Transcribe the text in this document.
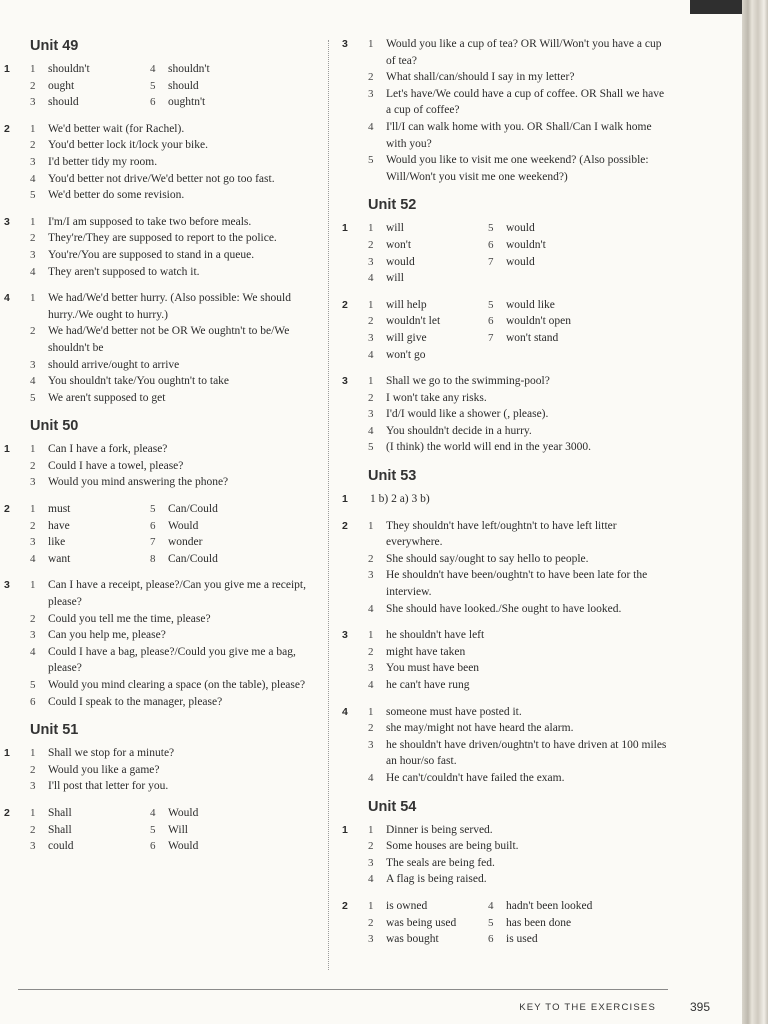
Unit 49
1 1 shouldn't	4 shouldn't
2 ought	5 should
3 should	6 oughtn't
2 1 We'd better wait (for Rachel).
2 You'd better lock it/lock your bike.
3 I'd better tidy my room.
4 You'd better not drive/We'd better not go too fast.
5 We'd better do some revision.
3 1 I'm/I am supposed to take two before meals.
2 They're/They are supposed to report to the police.
3 You're/You are supposed to stand in a queue.
4 They aren't supposed to watch it.
4 1 We had/We'd better hurry. (Also possible: We should hurry./We ought to hurry.)
2 We had/We'd better not be OR We oughtn't to be/We shouldn't be
3 should arrive/ought to arrive
4 You shouldn't take/You oughtn't to take
5 We aren't supposed to get
Unit 50
1 1 Can I have a fork, please?
2 Could I have a towel, please?
3 Would you mind answering the phone?
2 1 must	5 Can/Could
2 have	6 Would
3 like	7 wonder
4 want	8 Can/Could
3 1 Can I have a receipt, please?/Can you give me a receipt, please?
2 Could you tell me the time, please?
3 Can you help me, please?
4 Could I have a bag, please?/Could you give me a bag, please?
5 Would you mind clearing a space (on the table), please?
6 Could I speak to the manager, please?
Unit 51
1 1 Shall we stop for a minute?
2 Would you like a game?
3 I'll post that letter for you.
2 1 Shall	4 Would
2 Shall	5 Will
3 could	6 Would
3 1 Would you like a cup of tea? OR Will/Won't you have a cup of tea?
2 What shall/can/should I say in my letter?
3 Let's have/We could have a cup of coffee. OR Shall we have a cup of coffee?
4 I'll/I can walk home with you. OR Shall/Can I walk home with you?
5 Would you like to visit me one weekend? (Also possible: Will/Won't you visit me one weekend?)
Unit 52
1 1 will	5 would
2 won't	6 wouldn't
3 would	7 would
4 will
2 1 will help	5 would like
2 wouldn't let	6 wouldn't open
3 will give	7 won't stand
4 won't go
3 1 Shall we go to the swimming-pool?
2 I won't take any risks.
3 I'd/I would like a shower (, please).
4 You shouldn't decide in a hurry.
5 (I think) the world will end in the year 3000.
Unit 53
1	1 b) 2 a) 3 b)
2 1 They shouldn't have left/oughtn't to have left litter everywhere.
2 She should say/ought to say hello to people.
3 He shouldn't have been/oughtn't to have been late for the interview.
4 She should have looked./She ought to have looked.
3 1 he shouldn't have left
2 might have taken
3 You must have been
4 he can't have rung
4 1 someone must have posted it.
2 she may/might not have heard the alarm.
3 he shouldn't have driven/oughtn't to have driven at 100 miles an hour/so fast.
4 He can't/couldn't have failed the exam.
Unit 54
1 1 Dinner is being served.
2 Some houses are being built.
3 The seals are being fed.
4 A flag is being raised.
2 1 is owned	4 hadn't been looked
2 was being used	5 has been done
3 was bought	6 is used
KEY TO THE EXERCISES	395
